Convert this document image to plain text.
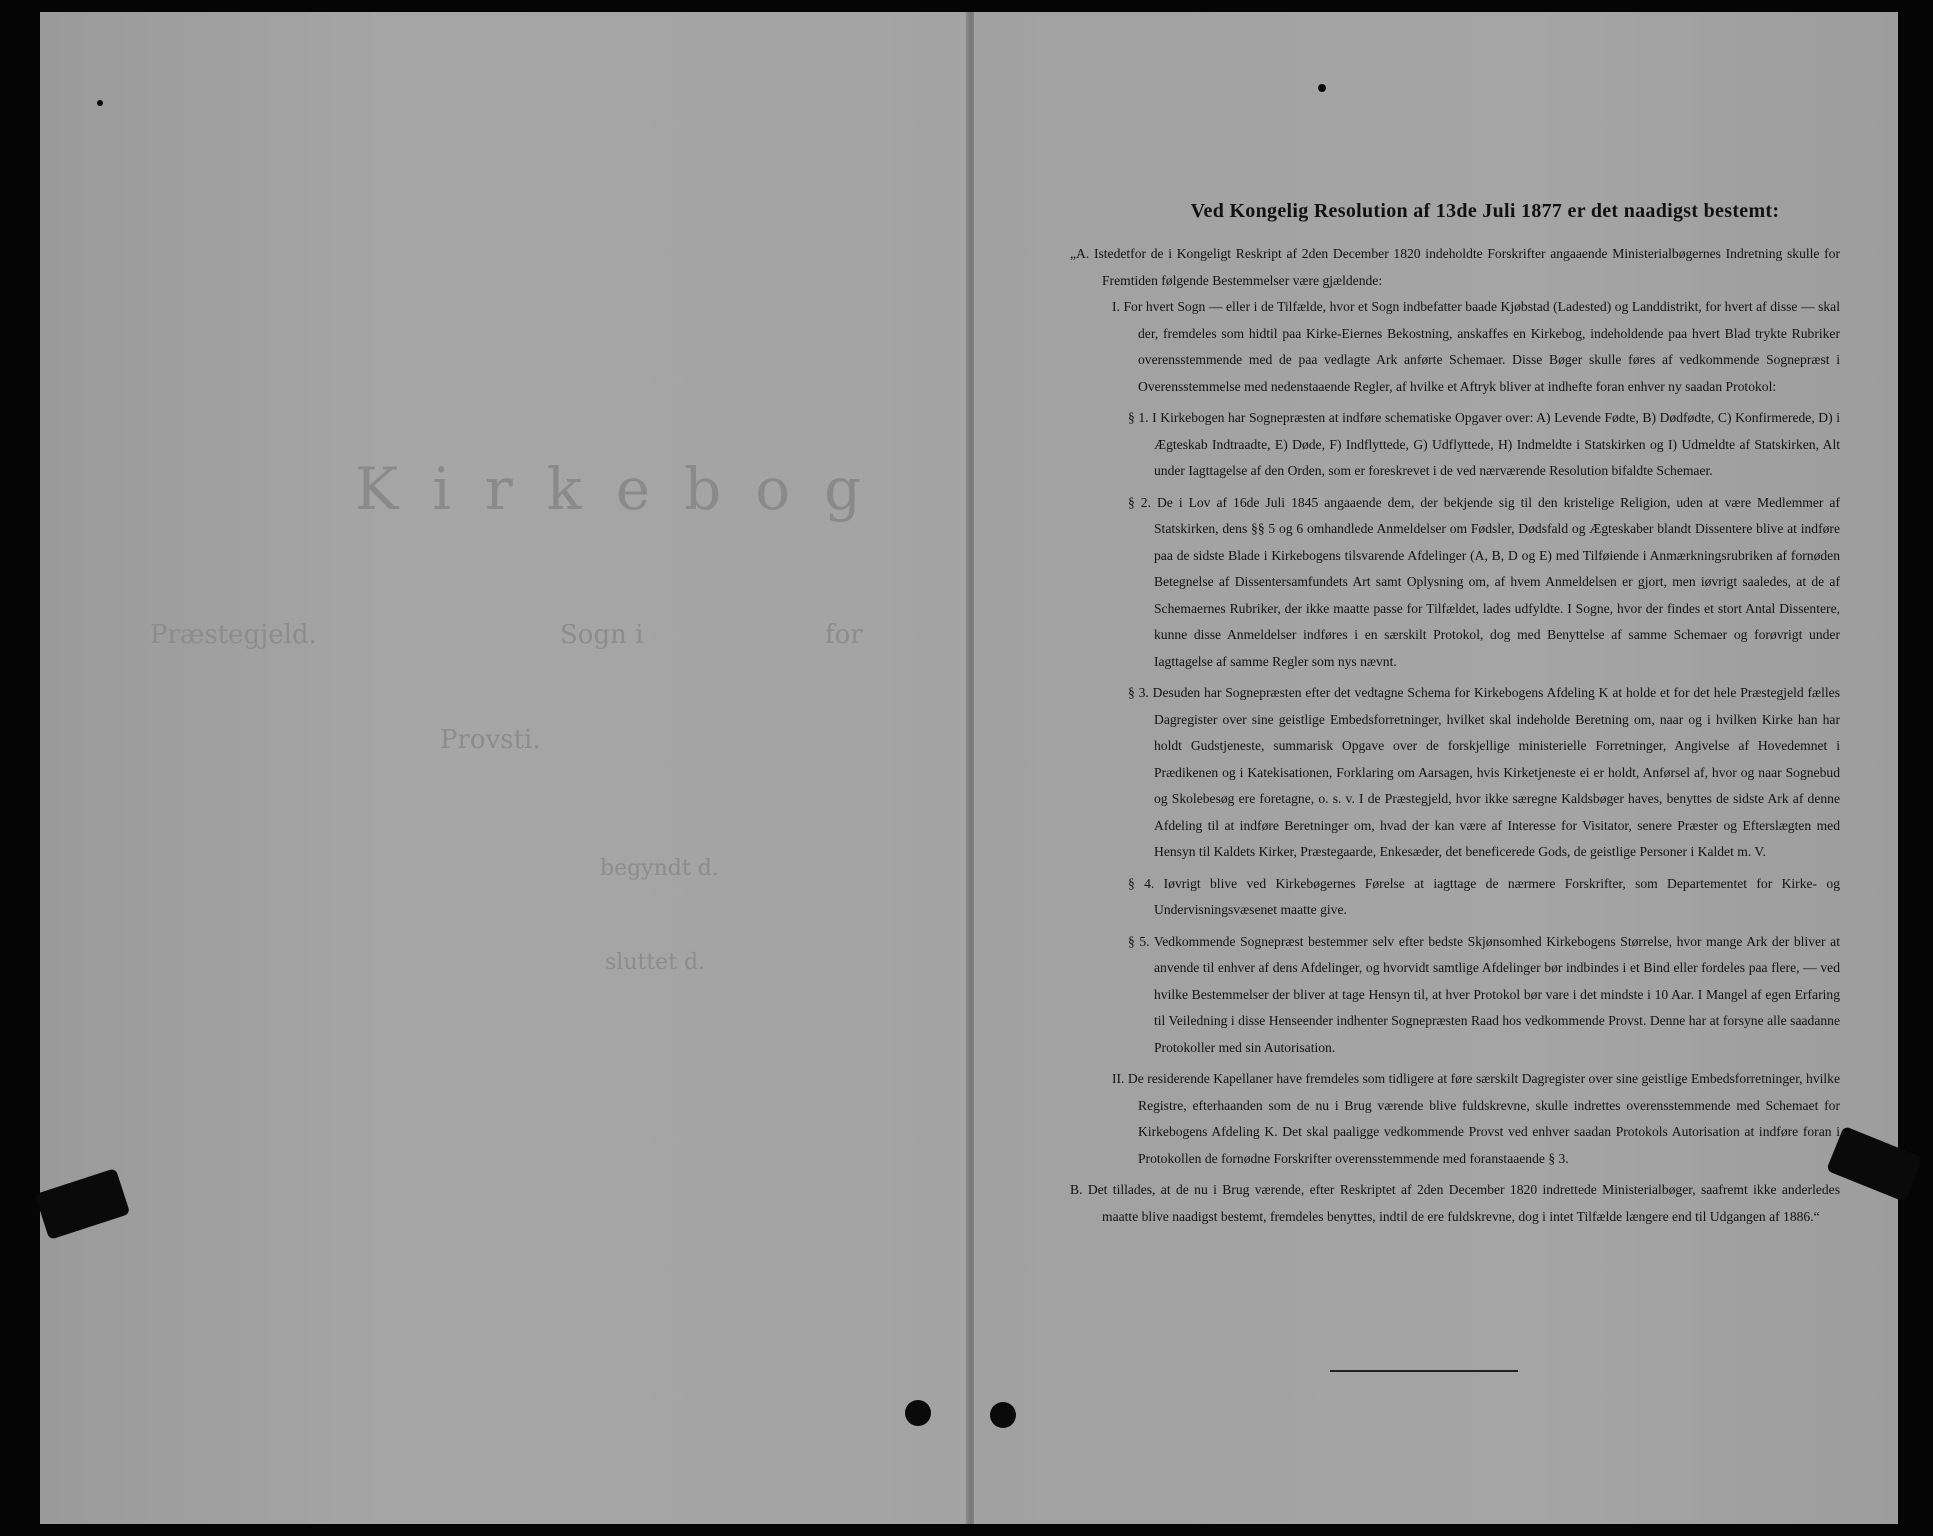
Kirkebog
for
Sogn i
Præstegjeld.
Provsti.
begyndt d.
sluttet d.
Ved Kongelig Resolution af 13de Juli 1877 er det naadigst bestemt:

„A. Istedetfor de i Kongeligt Reskript af 2den December 1820 indeholdte Forskrifter angaaende Ministerialbøgernes Indretning skulle for Fremtiden følgende Bestemmelser være gjældende:

I. For hvert Sogn — eller i de Tilfælde, hvor et Sogn indbefatter baade Kjøbstad (Ladested) og Landdistrikt, for hvert af disse — skal der, fremdeles som hidtil paa Kirke-Eiernes Bekostning, anskaffes en Kirkebog, indeholdende paa hvert Blad trykte Rubriker overensstemmende med de paa vedlagte Ark anførte Schemaer. Disse Bøger skulle føres af vedkommende Sognepræst i Overensstemmelse med nedenstaaende Regler, af hvilke et Aftryk bliver at indhefte foran enhver ny saadan Protokol:

§ 1. I Kirkebogen har Sognepræsten at indføre schematiske Opgaver over: A) Levende Fødte, B) Dødfødte, C) Konfirmerede, D) i Ægteskab Indtraadte, E) Døde, F) Indflyttede, G) Udflyttede, H) Indmeldte i Statskirken og I) Udmeldte af Statskirken, Alt under Iagttagelse af den Orden, som er foreskrevet i de ved nærværende Resolution bifaldte Schemaer.

§ 2. De i Lov af 16de Juli 1845 angaaende dem, der bekjende sig til den kristelige Religion, uden at være Medlemmer af Statskirken, dens §§ 5 og 6 omhandlede Anmeldelser om Fødsler, Dødsfald og Ægteskaber blandt Dissentere blive at indføre paa de sidste Blade i Kirkebogens tilsvarende Afdelinger (A, B, D og E) med Tilføiende i Anmærkningsrubriken af fornøden Betegnelse af Dissentersamfundets Art samt Oplysning om, af hvem Anmeldelsen er gjort, men iøvrigt saaledes, at de af Schemaernes Rubriker, der ikke maatte passe for Tilfældet, lades udfyldte. I Sogne, hvor der findes et stort Antal Dissentere, kunne disse Anmeldelser indføres i en særskilt Protokol, dog med Benyttelse af samme Schemaer og forøvrigt under Iagttagelse af samme Regler som nys nævnt.

§ 3. Desuden har Sognepræsten efter det vedtagne Schema for Kirkebogens Afdeling K at holde et for det hele Præstegjeld fælles Dagregister over sine geistlige Embedsforretninger, hvilket skal indeholde Beretning om, naar og i hvilken Kirke han har holdt Gudstjeneste, summarisk Opgave over de forskjellige ministerielle Forretninger, Angivelse af Hovedemnet i Prædikenen og i Katekisationen, Forklaring om Aarsagen, hvis Kirketjeneste ei er holdt, Anførsel af, hvor og naar Sognebud og Skolebesøg ere foretagne, o. s. v. I de Præstegjeld, hvor ikke særegne Kaldsbøger haves, benyttes de sidste Ark af denne Afdeling til at indføre Beretninger om, hvad der kan være af Interesse for Visitator, senere Præster og Efterslægten med Hensyn til Kaldets Kirker, Præstegaarde, Enkesæder, det beneficerede Gods, de geistlige Personer i Kaldet m. V.

§ 4. Iøvrigt blive ved Kirkebøgernes Førelse at iagttage de nærmere Forskrifter, som Departementet for Kirke- og Undervisningsvæsenet maatte give.

§ 5. Vedkommende Sognepræst bestemmer selv efter bedste Skjønsomhed Kirkebogens Størrelse, hvor mange Ark der bliver at anvende til enhver af dens Afdelinger, og hvorvidt samtlige Afdelinger bør indbindes i et Bind eller fordeles paa flere, — ved hvilke Bestemmelser der bliver at tage Hensyn til, at hver Protokol bør vare i det mindste i 10 Aar. I Mangel af egen Erfaring til Veiledning i disse Henseender indhenter Sognepræsten Raad hos vedkommende Provst. Denne har at forsyne alle saadanne Protokoller med sin Autorisation.

II. De residerende Kapellaner have fremdeles som tidligere at føre særskilt Dagregister over sine geistlige Embedsforretninger, hvilke Registre, efterhaanden som de nu i Brug værende blive fuldskrevne, skulle indrettes overensstemmende med Schemaet for Kirkebogens Afdeling K. Det skal paaligge vedkommende Provst ved enhver saadan Protokols Autorisation at indføre foran i Protokollen de fornødne Forskrifter overensstemmende med foranstaaende § 3.

B. Det tillades, at de nu i Brug værende, efter Reskriptet af 2den December 1820 indrettede Ministerialbøger, saafremt ikke anderledes maatte blive naadigst bestemt, fremdeles benyttes, indtil de ere fuldskrevne, dog i intet Tilfælde længere end til Udgangen af 1886.“
